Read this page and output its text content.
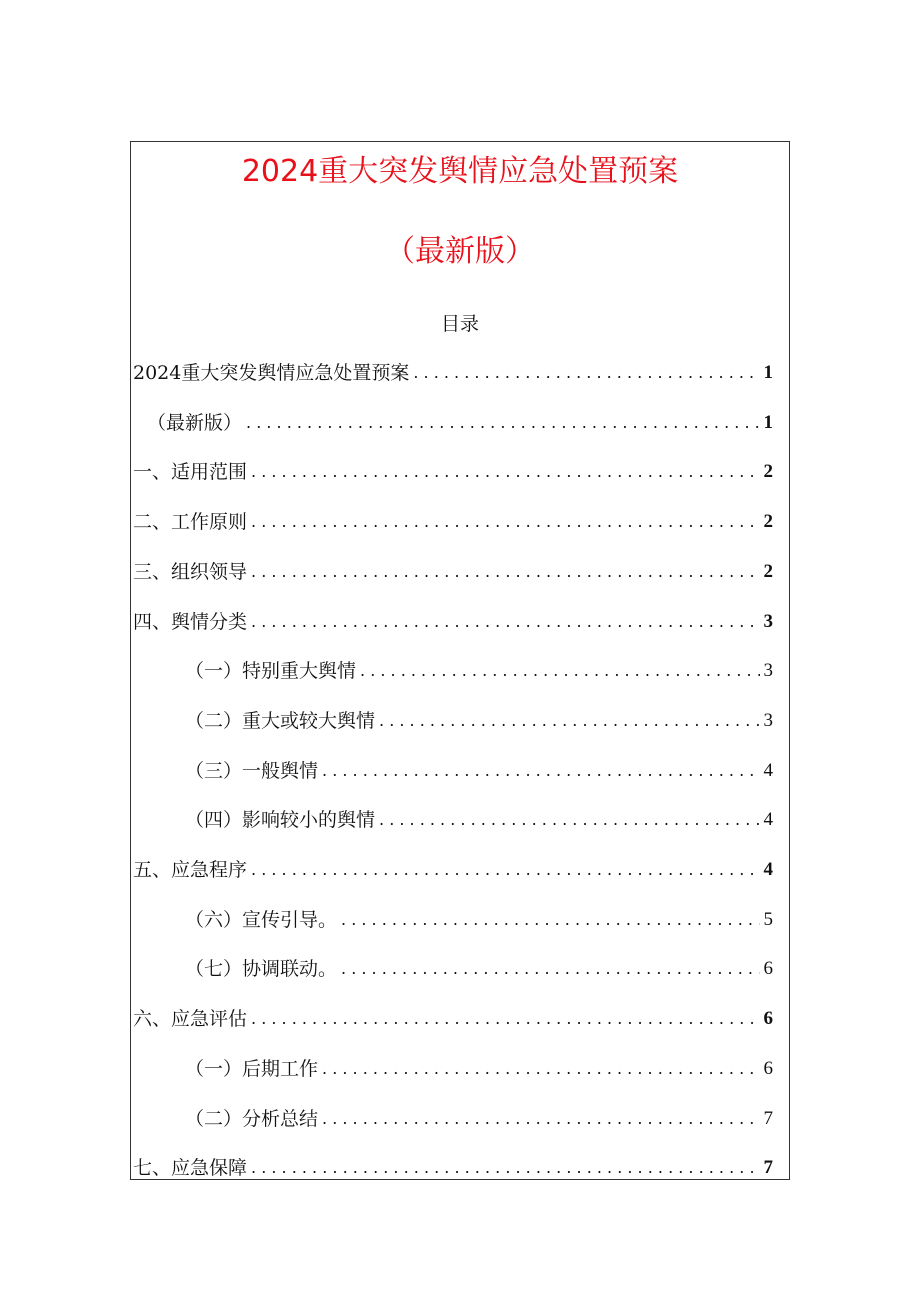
2024重大突发舆情应急处置预案
（最新版）
目录
2024重大突发舆情应急处置预案 . . .	1
（最新版） . . .	1
一、适用范围 . . .	2
二、工作原则 . . .	2
三、组织领导 . . .	2
四、舆情分类 . . .	3
（一）特别重大舆情 . . .	3
（二）重大或较大舆情 . . .	3
（三）一般舆情 . . .	4
（四）影响较小的舆情 . . .	4
五、应急程序 . . .	4
（六）宣传引导。 . . .	5
（七）协调联动。 . . .	6
六、应急评估 . . .	6
（一）后期工作 . . .	6
（二）分析总结 . . .	7
七、应急保障 . . .	7
